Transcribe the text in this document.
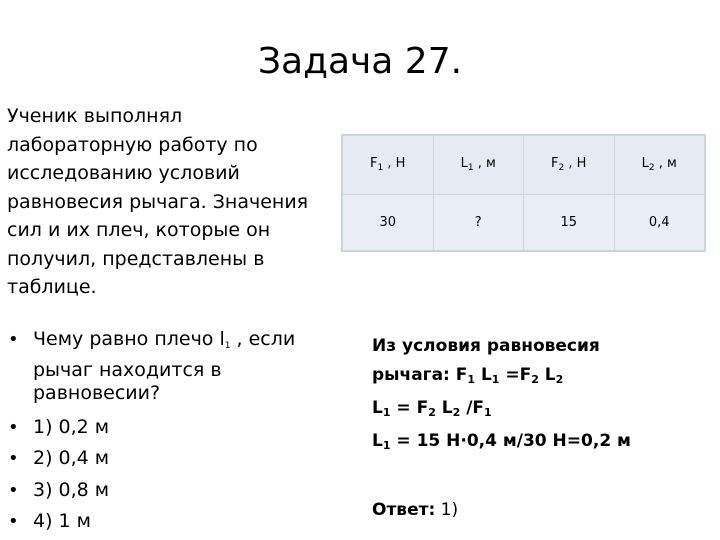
Задача 27.
Ученик выполнял
лабораторную работу по
исследованию условий
равновесия рычага. Значения
сил и их плеч, которые он
получил, представлены в
таблице.
• Чему равно плечо $l_1$ , если
рычаг находится в
равновесии?
• 1) 0,2 м
• 2) 0,4 м
• 3) 0,8 м
• 4) 1 м
$F_1$ , Н	$L_1$ , м	$F_2$ , Н	$L_2$ , м
30	?	15	0,4
Из условия равновесия
рычага: $F_1$ $L_1 =F_2$ $L_2$
$L_1 = F_2$ $L_2$ $/F_1$
$L_1 = 15$ Н·0,4 м/30 Н=0,2 м
Ответ: 1)
